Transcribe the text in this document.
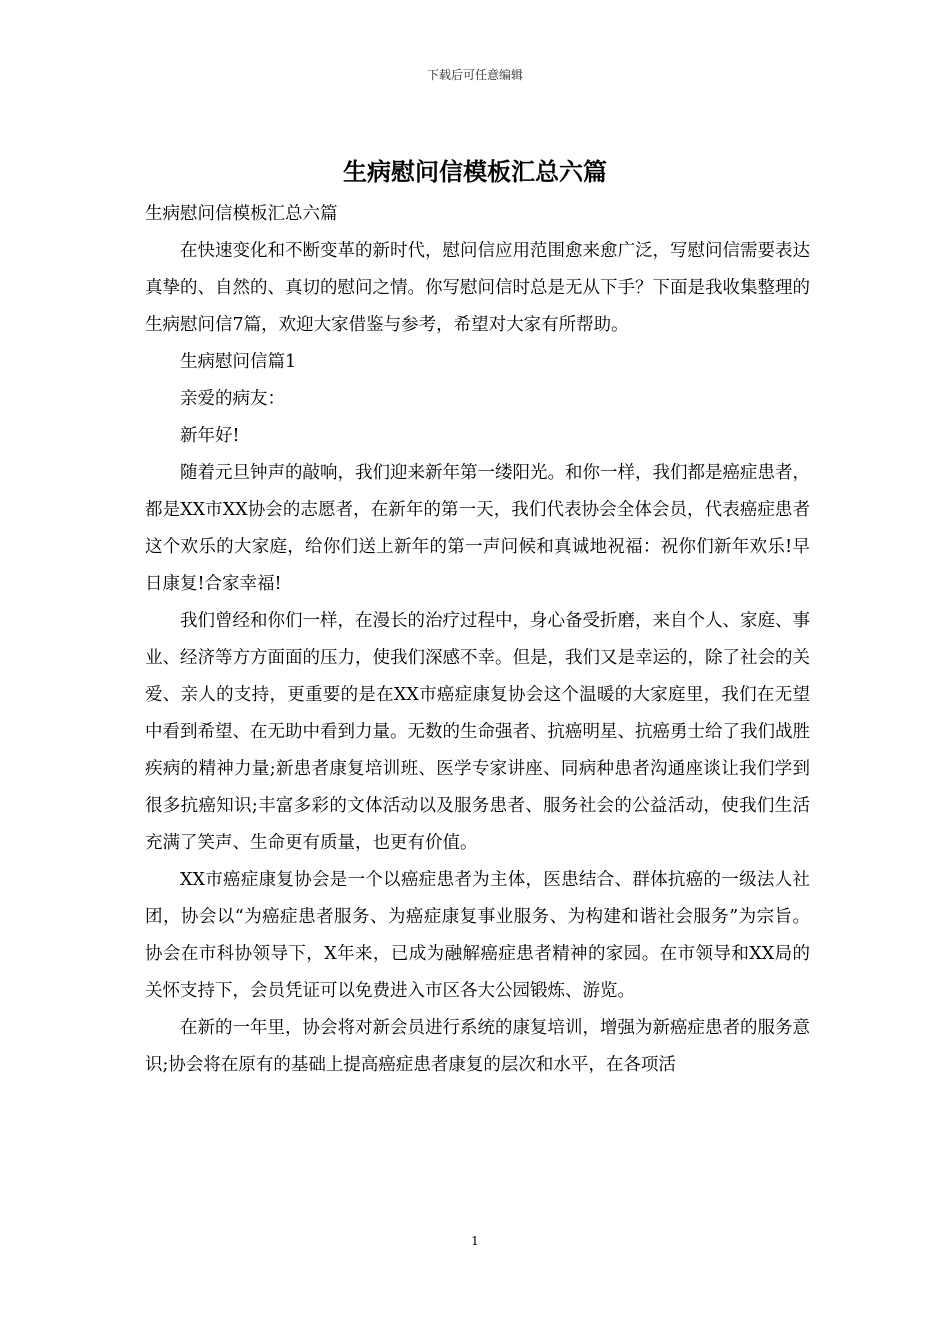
下载后可任意编辑
生病慰问信模板汇总六篇

生病慰问信模板汇总六篇

在快速变化和不断变革的新时代，慰问信应用范围愈来愈广泛，写慰问信需要表达真挚的、自然的、真切的慰问之情。你写慰问信时总是无从下手？下面是我收集整理的生病慰问信7篇，欢迎大家借鉴与参考，希望对大家有所帮助。

生病慰问信篇1

亲爱的病友：

新年好!

随着元旦钟声的敲响，我们迎来新年第一缕阳光。和你一样，我们都是癌症患者，都是XX市XX协会的志愿者，在新年的第一天，我们代表协会全体会员，代表癌症患者这个欢乐的大家庭，给你们送上新年的第一声问候和真诚地祝福：祝你们新年欢乐!早日康复!合家幸福!

我们曾经和你们一样，在漫长的治疗过程中，身心备受折磨，来自个人、家庭、事业、经济等方方面面的压力，使我们深感不幸。但是，我们又是幸运的，除了社会的关爱、亲人的支持，更重要的是在XX市癌症康复协会这个温暖的大家庭里，我们在无望中看到希望、在无助中看到力量。无数的生命强者、抗癌明星、抗癌勇士给了我们战胜疾病的精神力量;新患者康复培训班、医学专家讲座、同病种患者沟通座谈让我们学到很多抗癌知识;丰富多彩的文体活动以及服务患者、服务社会的公益活动，使我们生活充满了笑声、生命更有质量，也更有价值。

XX市癌症康复协会是一个以癌症患者为主体，医患结合、群体抗癌的一级法人社团，协会以“为癌症患者服务、为癌症康复事业服务、为构建和谐社会服务”为宗旨。协会在市科协领导下，X年来，已成为融解癌症患者精神的家园。在市领导和XX局的关怀支持下，会员凭证可以免费进入市区各大公园锻炼、游览。

在新的一年里，协会将对新会员进行系统的康复培训，增强为新癌症患者的服务意识;协会将在原有的基础上提高癌症患者康复的层次和水平，在各项活

1
